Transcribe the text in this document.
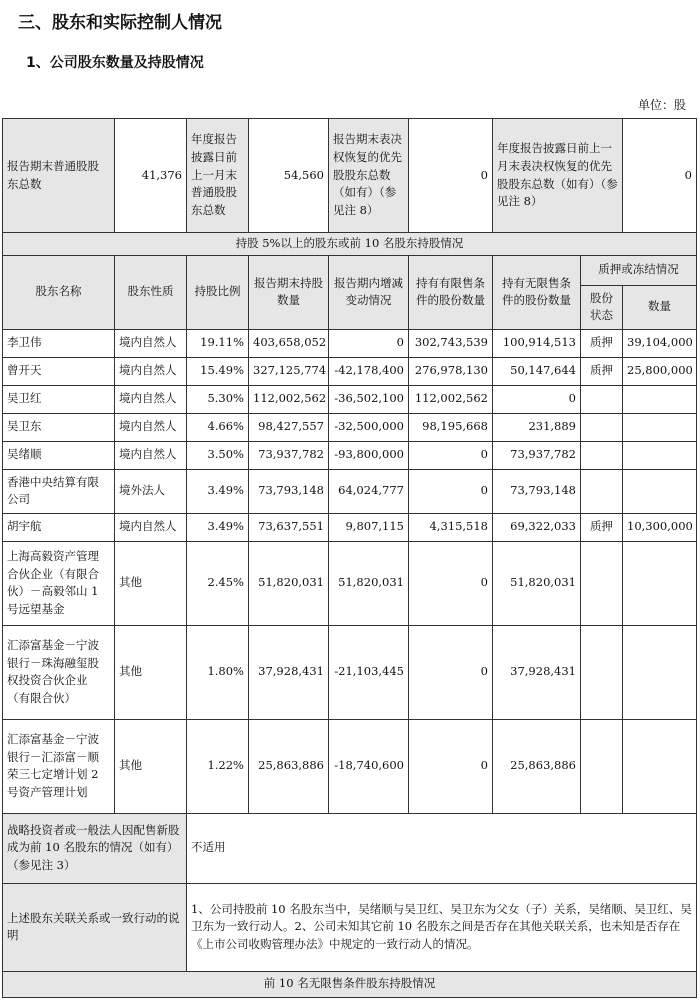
三、股东和实际控制人情况
1、公司股东数量及持股情况
单位：股
报告期末普通股股东总数	41,376	年度报告披露日前上一月末普通股股东总数	54,560	报告期末表决权恢复的优先股股东总数（如有）（参见注 8）	0	年度报告披露日前上一月末表决权恢复的优先股股东总数（如有）（参见注 8）		0
持股 5%以上的股东或前 10 名股东持股情况								
股东名称	股东性质	持股比例	报告期末持股数量	报告期内增减变动情况	持有有限售条件的股份数量	持有无限售条件的股份数量	质押或冻结情况	
							股份状态	数量
李卫伟	境内自然人	19.11%	403,658,052	0	302,743,539	100,914,513	质押	39,104,000
曾开天	境内自然人	15.49%	327,125,774	-42,178,400	276,978,130	50,147,644	质押	25,800,000
吴卫红	境内自然人	5.30%	112,002,562	-36,502,100	112,002,562	0		
吴卫东	境内自然人	4.66%	98,427,557	-32,500,000	98,195,668	231,889		
吴绪顺	境内自然人	3.50%	73,937,782	-93,800,000	0	73,937,782		
香港中央结算有限公司	境外法人	3.49%	73,793,148	64,024,777	0	73,793,148		
胡宇航	境内自然人	3.49%	73,637,551	9,807,115	4,315,518	69,322,033	质押	10,300,000
上海高毅资产管理合伙企业（有限合伙）－高毅邻山 1 号远望基金	其他	2.45%	51,820,031	51,820,031	0	51,820,031		
汇添富基金－宁波银行－珠海融玺股权投资合伙企业（有限合伙）	其他	1.80%	37,928,431	-21,103,445	0	37,928,431		
汇添富基金－宁波银行－汇添富－顺荣三七定增计划 2 号资产管理计划	其他	1.22%	25,863,886	-18,740,600	0	25,863,886		
战略投资者或一般法人因配售新股成为前 10 名股东的情况（如有）（参见注 3）		不适用						
上述股东关联关系或一致行动的说明		1、公司持股前 10 名股东当中，吴绪顺与吴卫红、吴卫东为父女（子）关系，吴绪顺、吴卫红、吴卫东为一致行动人。2、公司未知其它前 10 名股东之间是否存在其他关联关系，也未知是否存在《上市公司收购管理办法》中规定的一致行动人的情况。						
前 10 名无限售条件股东持股情况								
